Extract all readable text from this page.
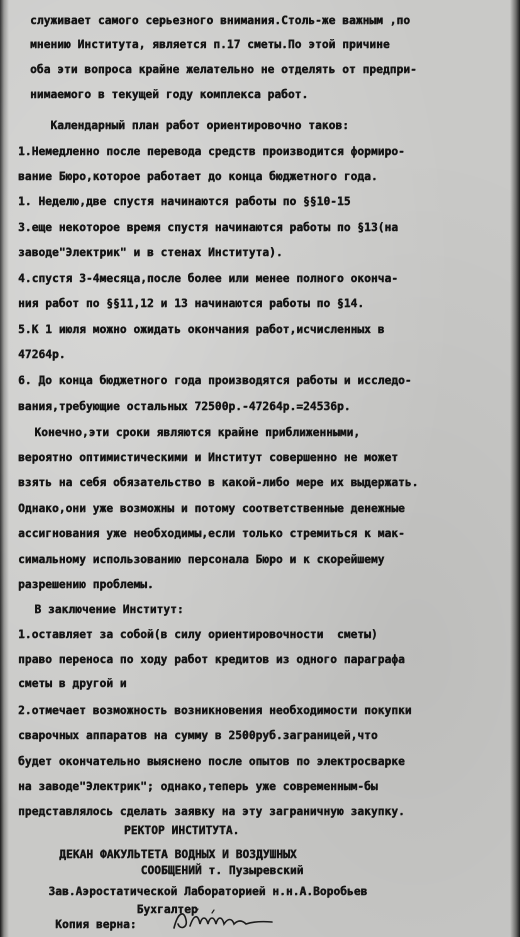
служивает самого серьезного внимания.Столь-же важным ,по
мнению Института, является п.17 сметы.По этой причине
оба эти вопроса крайне желательно не отделять от предпри-
нимаемого в текущей году комплекса работ.
Календарный план работ ориентировочно таков:
1.Немедленно после перевода средств производится формиро-
вание Бюро,которое работает до конца бюджетного года.
1. Неделю,две спустя начинаются работы по §§10-15
3.еще некоторое время спустя начинаются работы по §13(на
заводе"Электрик" и в стенах Института).
4.спустя 3-4месяца,после более или менее полного оконча-
ния работ по §§11,12 и 13 начинаются работы по §14.
5.К 1 июля можно ожидать окончания работ,исчисленных в
47264р.
6. До конца бюджетного года производятся работы и исследо-
вания,требующие остальных 72500р.-47264р.=24536р.
Конечно,эти сроки являются крайне приближенными,
вероятно оптимистическими и Институт совершенно не может
взять на себя обязательство в какой-либо мере их выдержать.
Однако,они уже возможны и потому соответственные денежные
ассигнования уже необходимы,если только стремиться к мак-
симальному использованию персонала Бюро и к скорейшему
разрешению проблемы.
В заключение Институт:
1.оставляет за собой(в силу ориентировочности  сметы)
право переноса по ходу работ кредитов из одного параграфа
сметы в другой и
2.отмечает возможность возникновения необходимости покупки
сварочных аппаратов на сумму в 2500руб.заграницей,что
будет окончательно выяснено после опытов по электросварке
на заводе"Электрик"; однако,теперь уже современным-бы
представлялось сделать заявку на эту заграничную закупку.
РЕКТОР ИНСТИТУТА.
ДЕКАН ФАКУЛЬТЕТА ВОДНЫХ И ВОЗДУШНЫХ
СООБЩЕНИЙ т. Пузыревский
Зав.Аэростатической Лабораторией н.н.А.Воробьев
Бухгалтер
Копия верна:
